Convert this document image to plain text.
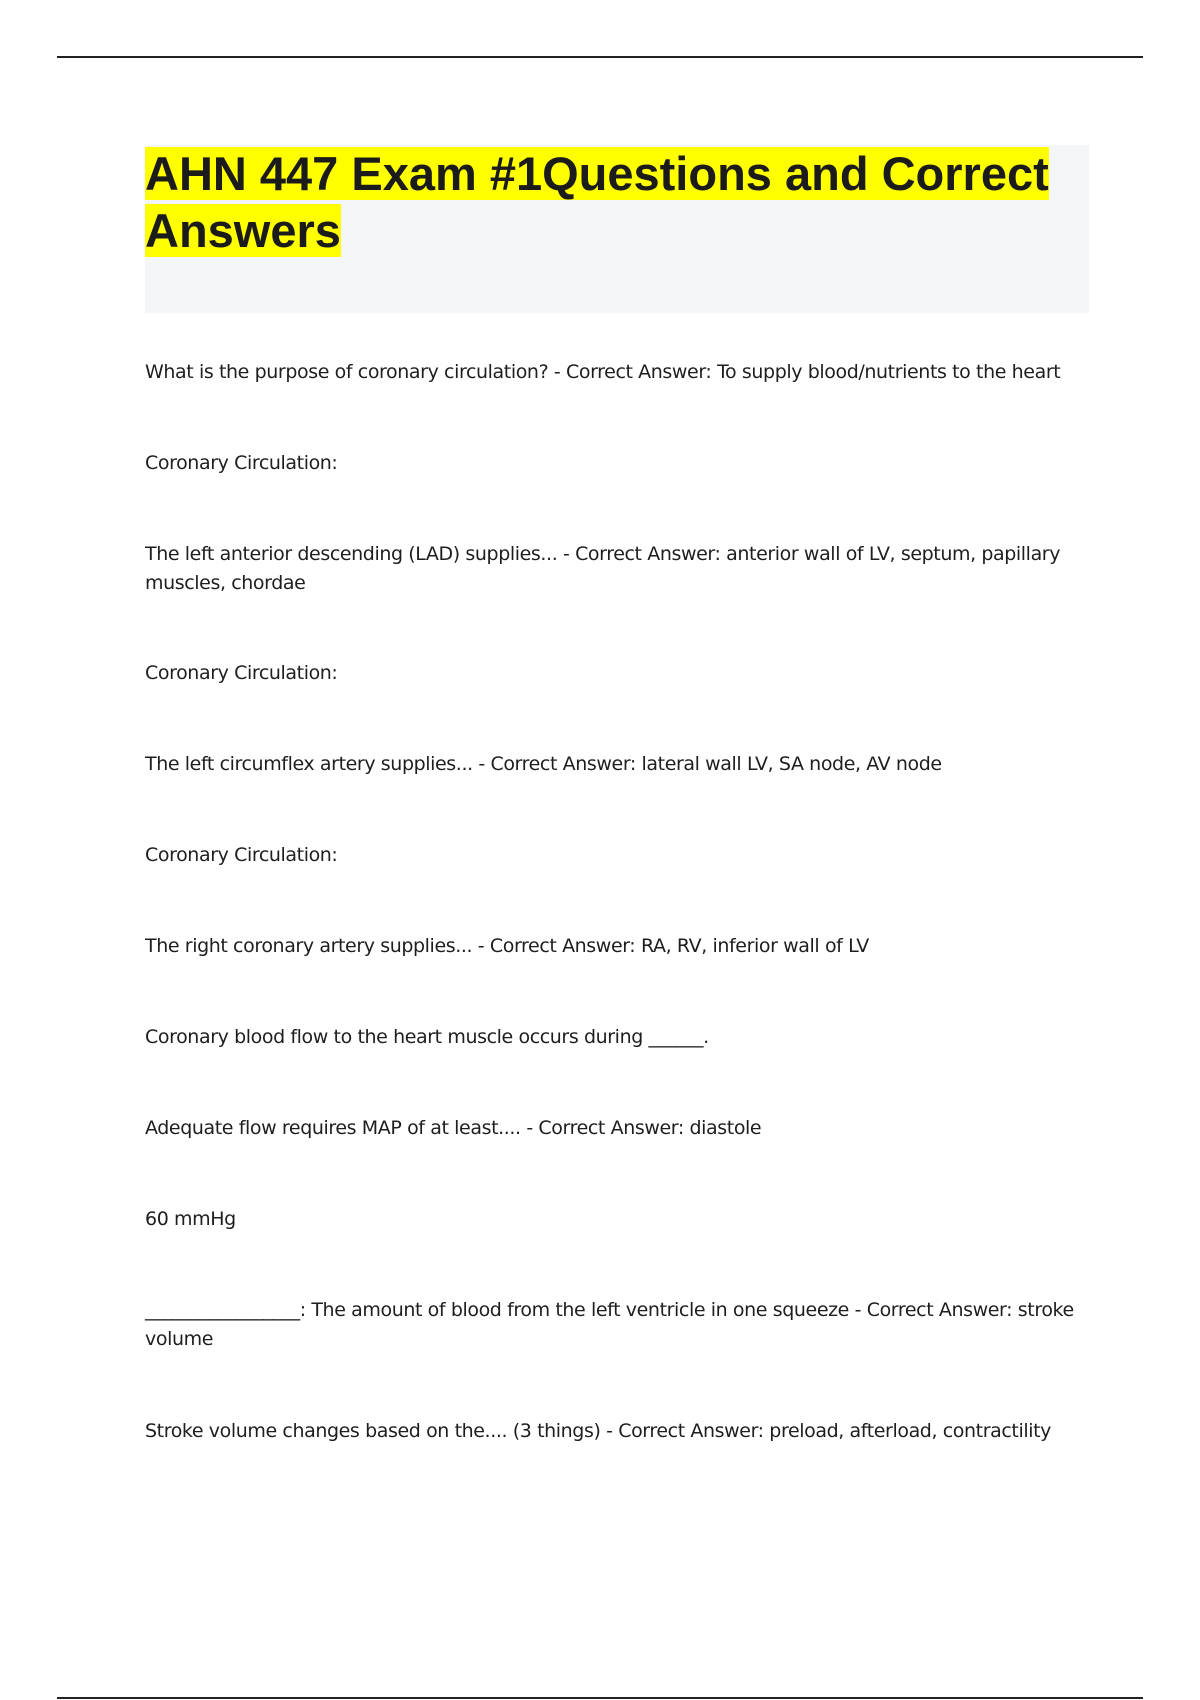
AHN 447 Exam #1Questions and Correct Answers

What is the purpose of coronary circulation? - Correct Answer: To supply blood/nutrients to the heart

Coronary Circulation:

The left anterior descending (LAD) supplies... - Correct Answer: anterior wall of LV, septum, papillary muscles, chordae

Coronary Circulation:

The left circumflex artery supplies... - Correct Answer: lateral wall LV, SA node, AV node

Coronary Circulation:

The right coronary artery supplies... - Correct Answer: RA, RV, inferior wall of LV

Coronary blood flow to the heart muscle occurs during ______.

Adequate flow requires MAP of at least.... - Correct Answer: diastole

60 mmHg

_________________: The amount of blood from the left ventricle in one squeeze - Correct Answer: stroke volume

Stroke volume changes based on the.... (3 things) - Correct Answer: preload, afterload, contractility
